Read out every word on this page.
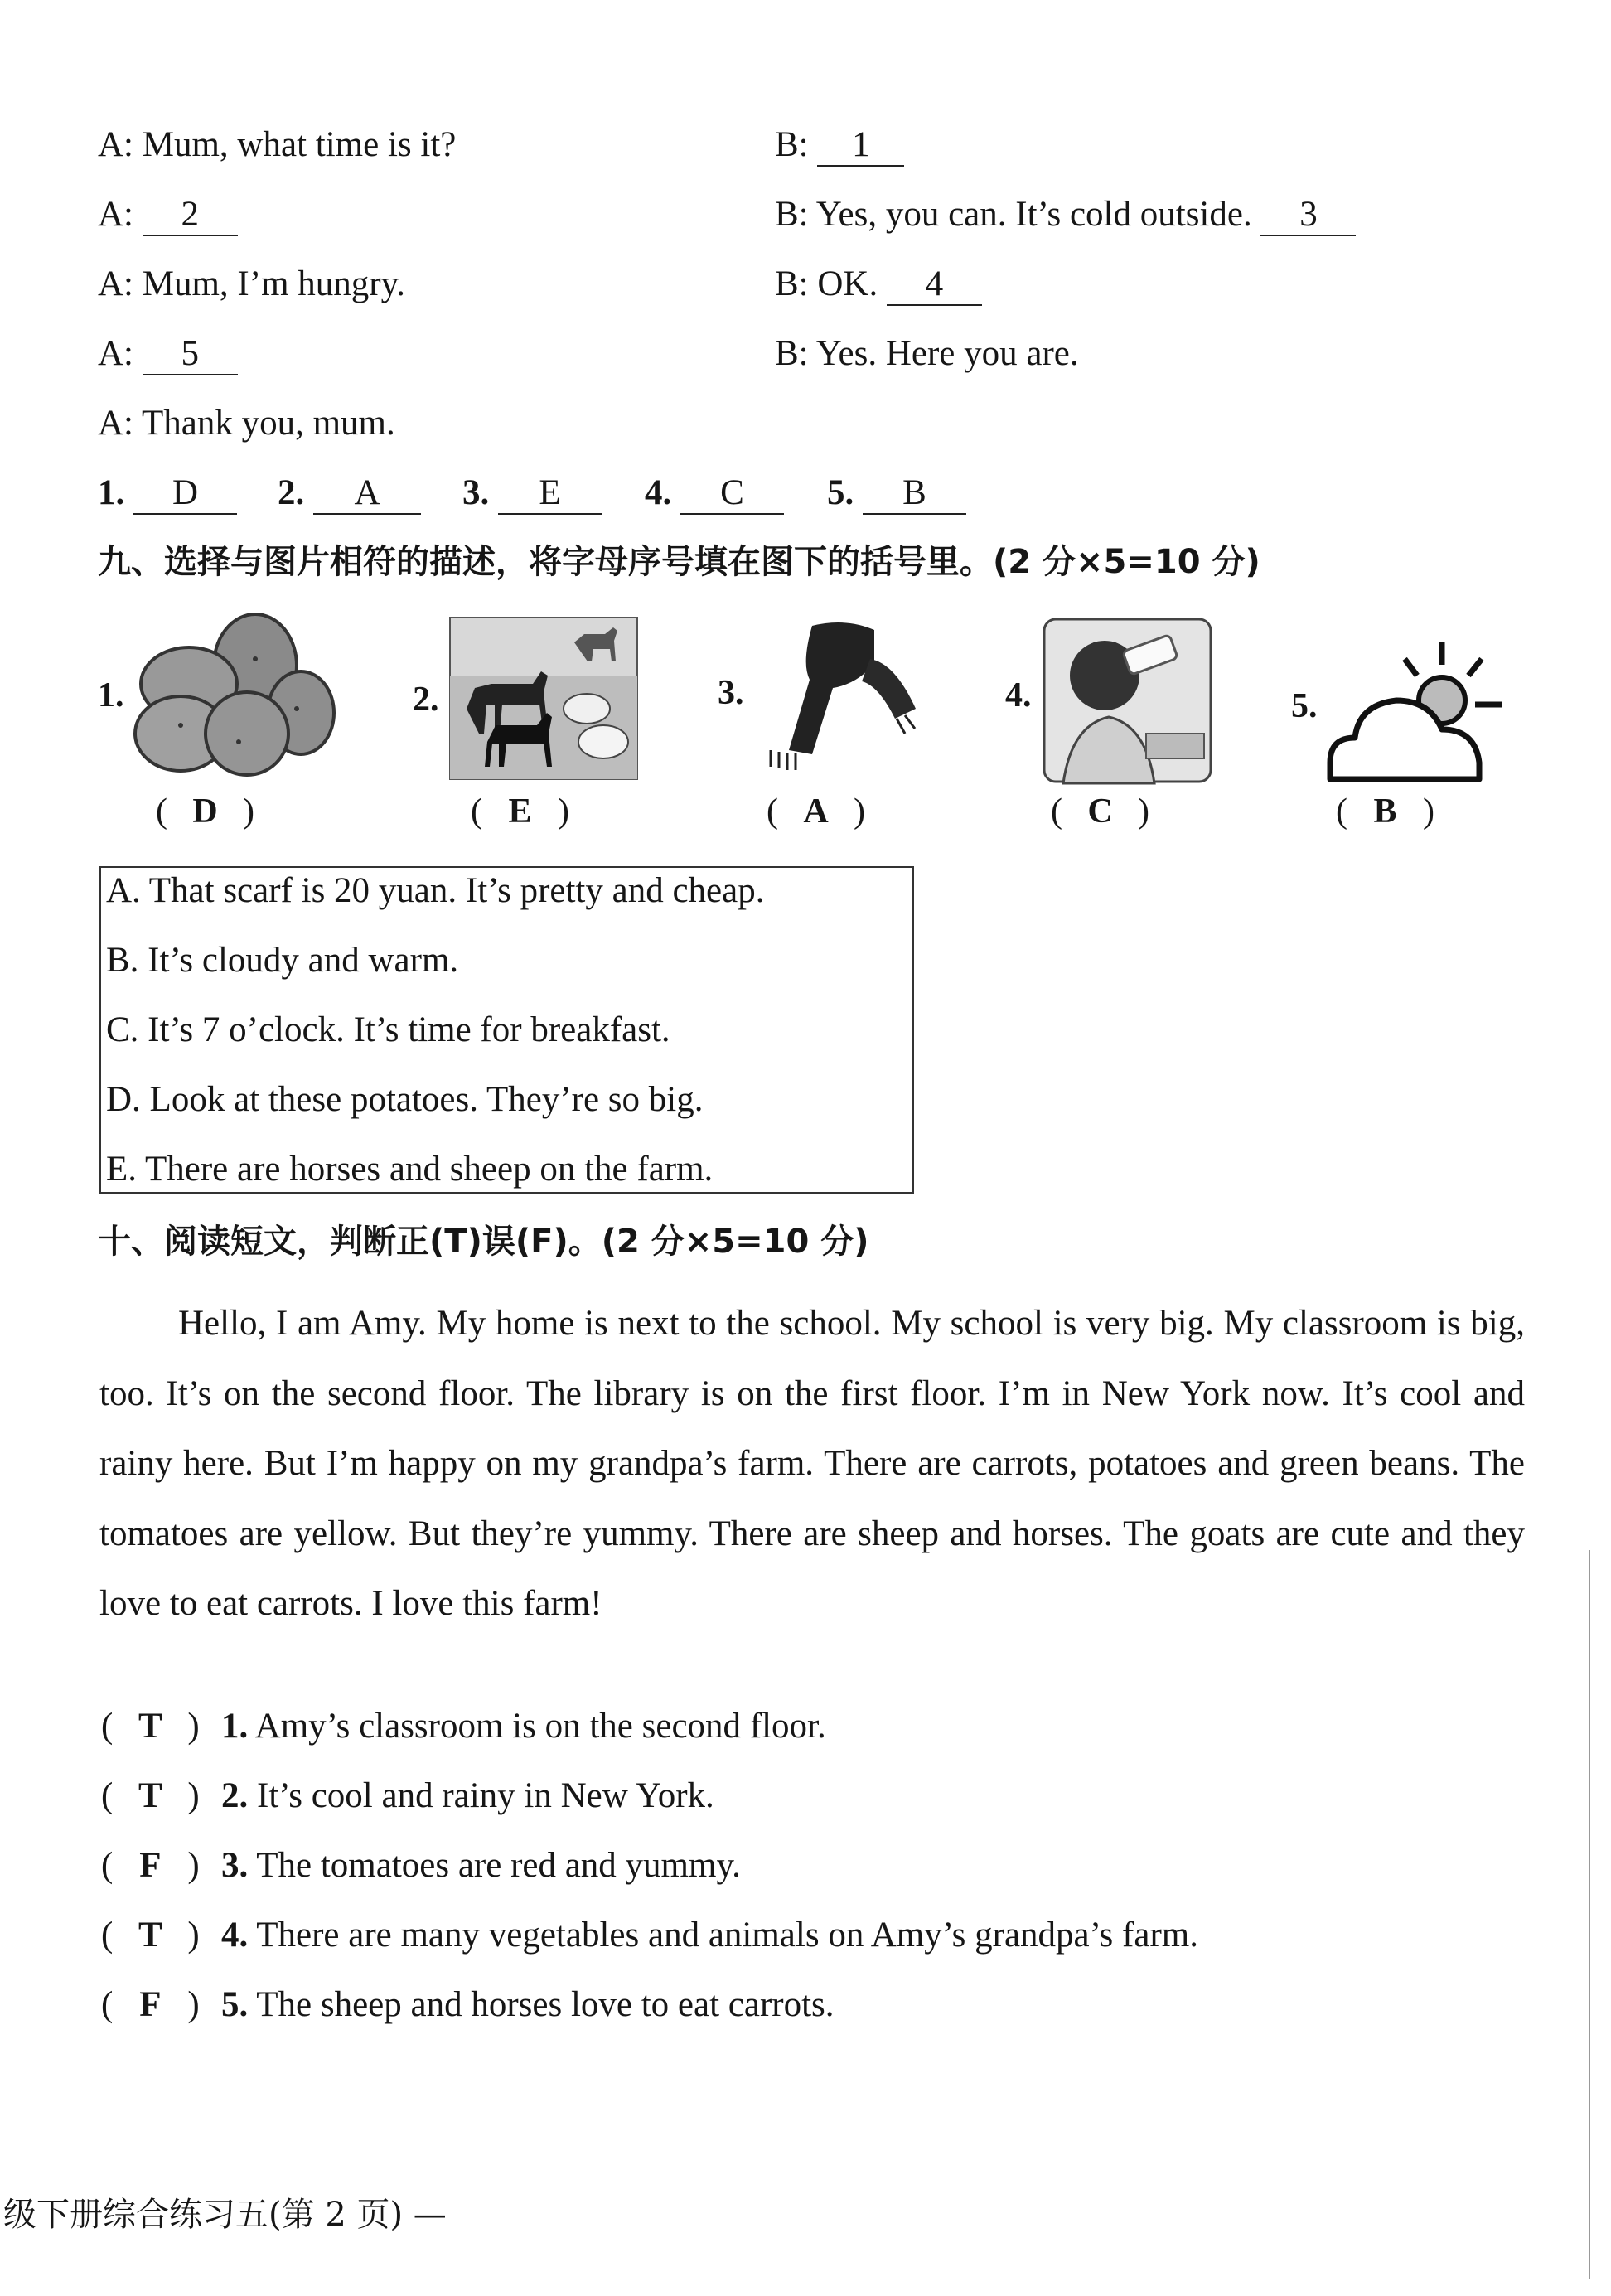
A: Mum, what time is it?	B: 1
A: 2	B: Yes, you can. It’s cold outside. 3
A: Mum, I’m hungry.	B: OK. 4
A: 5	B: Yes. Here you are.
A: Thank you, mum.
1. D	2. A	3. E	4. C	5. B
九、选择与图片相符的描述，将字母序号填在图下的括号里。(2 分×5=10 分)
1.
( D )
2.
( E )
3.
( A )
4.
( C )
5.
( B )
A. That scarf is 20 yuan. It’s pretty and cheap.
B. It’s cloudy and warm.
C. It’s 7 o’clock. It’s time for breakfast.
D. Look at these potatoes. They’re so big.
E. There are horses and sheep on the farm.
十、阅读短文，判断正(T)误(F)。(2 分×5=10 分)

Hello, I am Amy. My home is next to the school. My school is very big. My classroom is big, too. It’s on the second floor. The library is on the first floor. I’m in New York now. It’s cool and rainy here. But I’m happy on my grandpa’s farm. There are carrots, potatoes and green beans. The tomatoes are yellow. But they’re yummy. There are sheep and horses. The goats are cute and they love to eat carrots. I love this farm!

( T ) 1. Amy’s classroom is on the second floor.
( T ) 2. It’s cool and rainy in New York.
( F ) 3. The tomatoes are red and yummy.
( T ) 4. There are many vegetables and animals on Amy’s grandpa’s farm.
( F ) 5. The sheep and horses love to eat carrots.
级下册综合练习五(第 2 页) —
